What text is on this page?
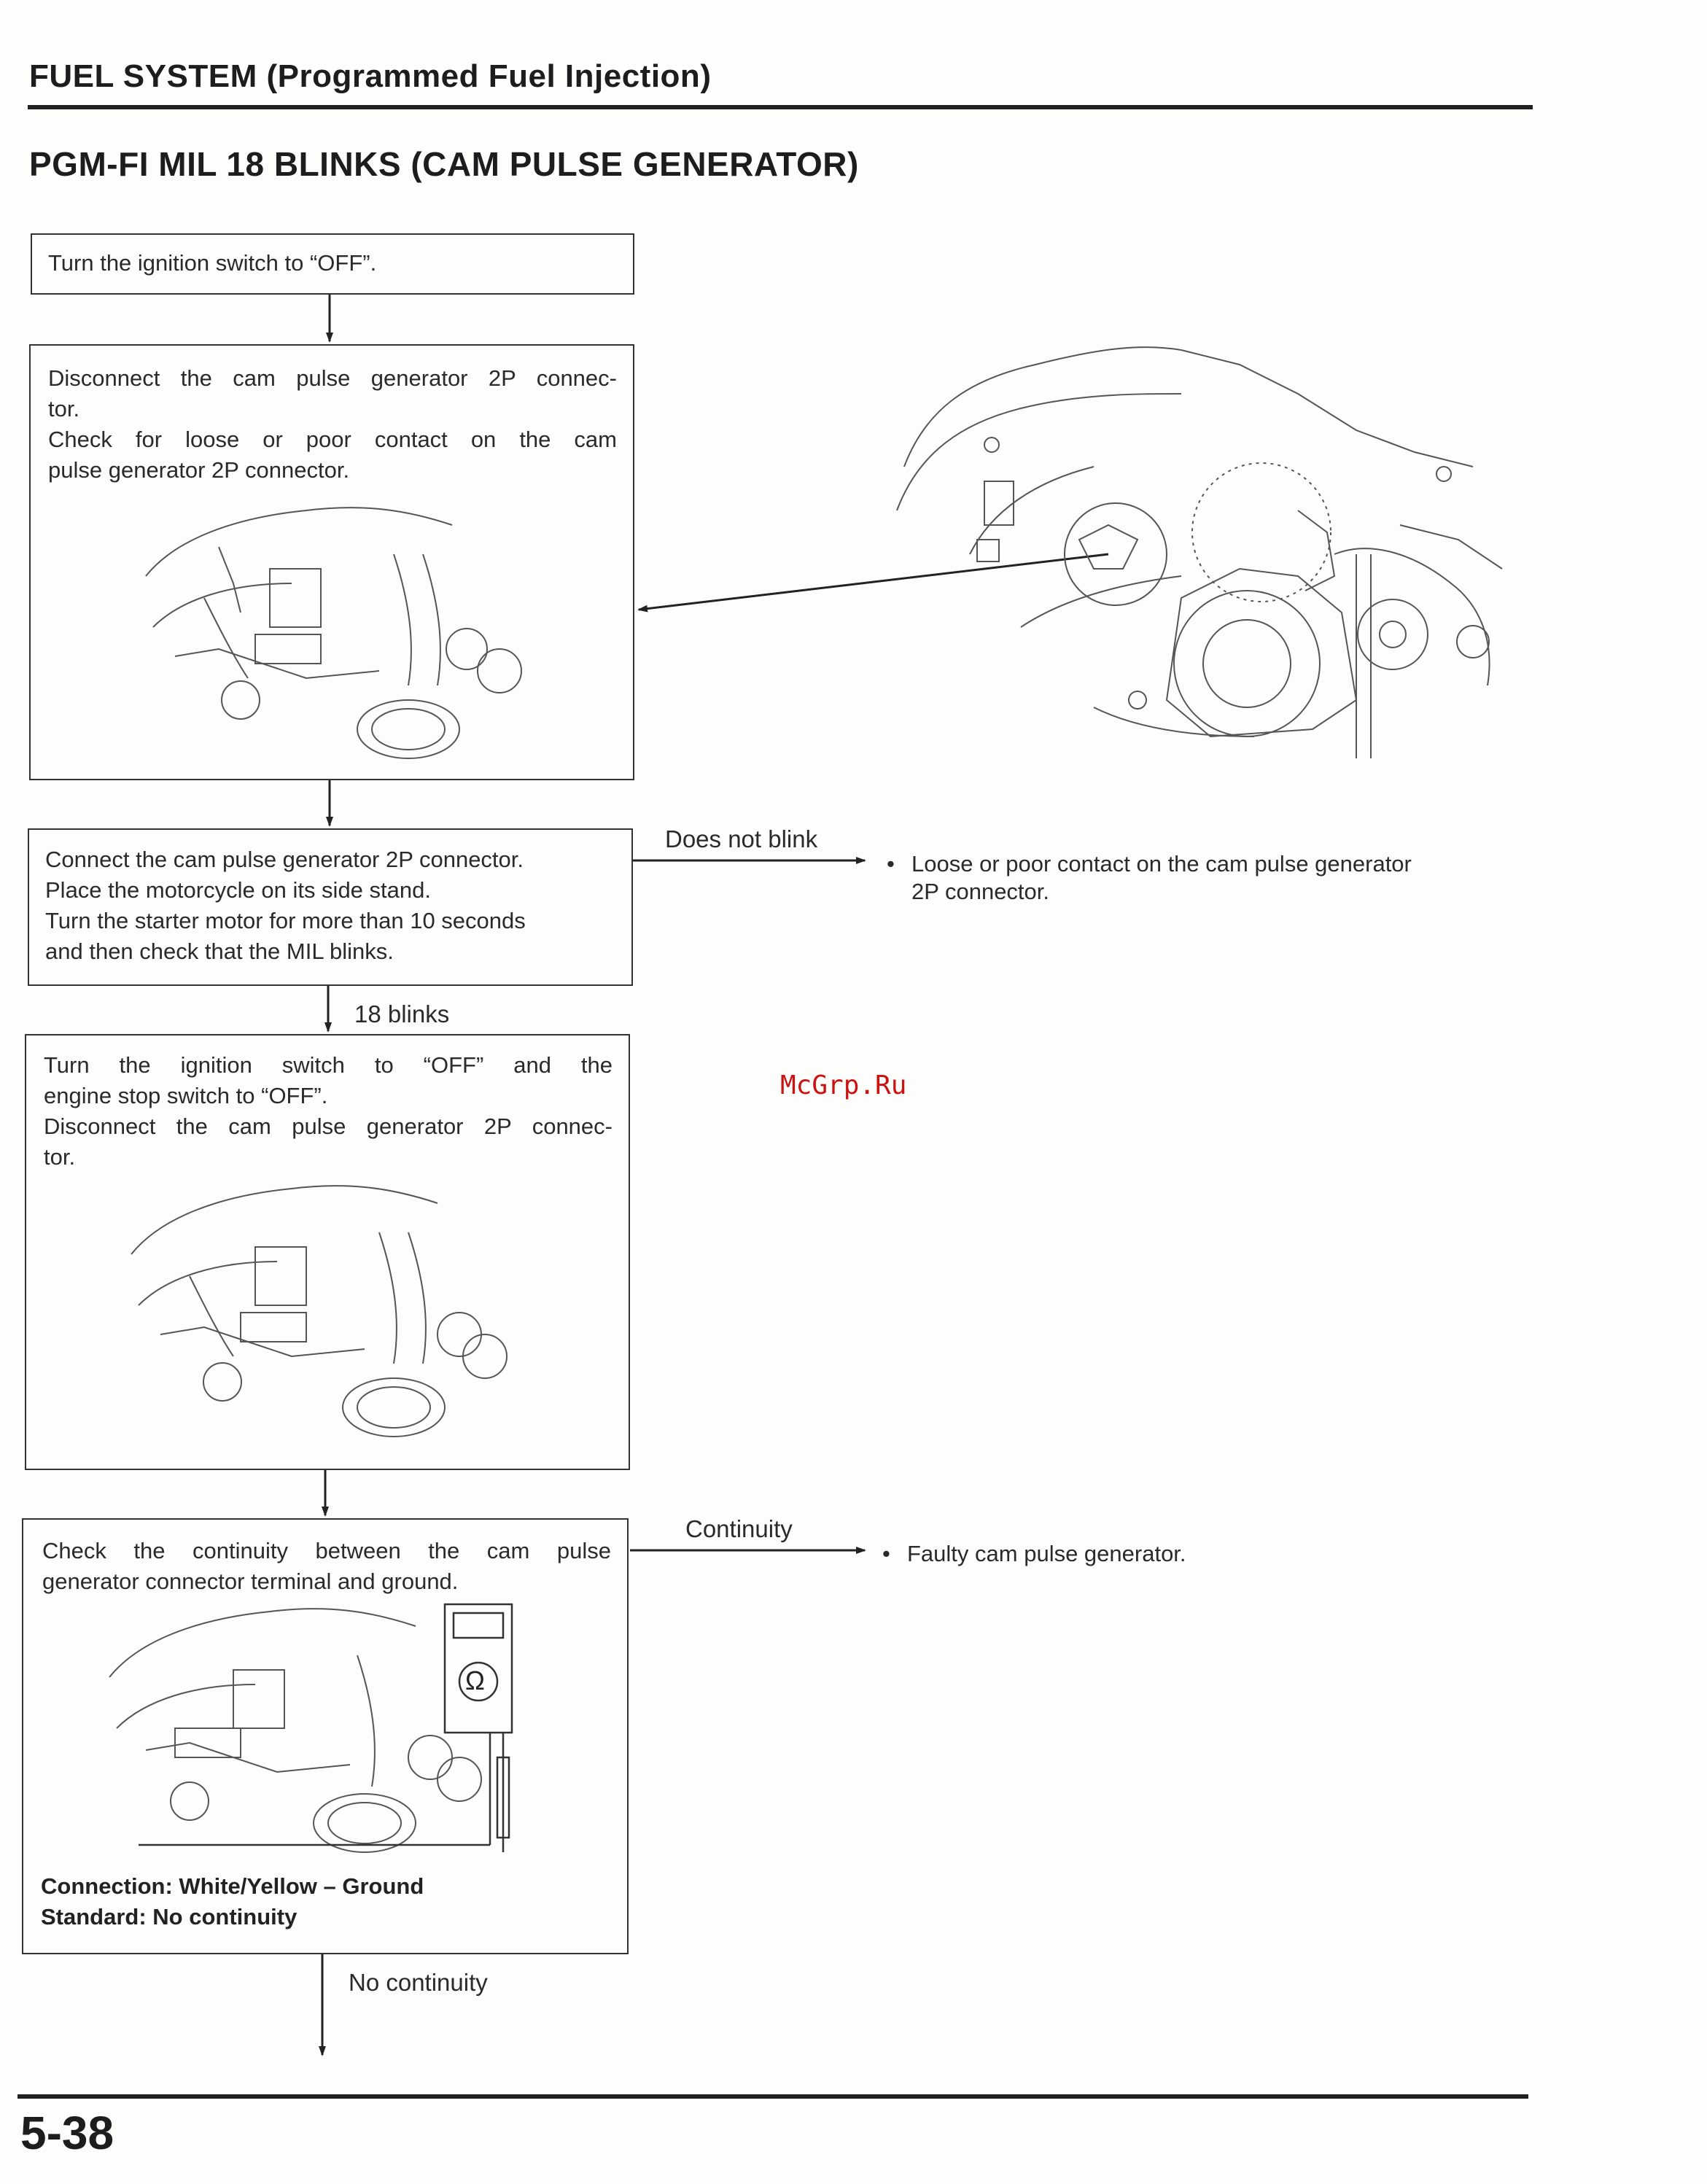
FUEL SYSTEM (Programmed Fuel Injection)
PGM-FI MIL 18 BLINKS (CAM PULSE GENERATOR)
Ω
Turn the ignition switch to “OFF”.
Disconnect the cam pulse generator 2P connec-
tor.
Check for loose or poor contact on the cam
pulse generator 2P connector.
Connect the cam pulse generator 2P connector.
Place the motorcycle on its side stand.
Turn the starter motor for more than 10 seconds
and then check that the MIL blinks.
Turn the ignition switch to “OFF” and the
engine stop switch to “OFF”.
Disconnect the cam pulse generator 2P connec-
tor.
Check the continuity between the cam pulse
generator connector terminal and ground.
Connection: White/Yellow – Ground
Standard: No continuity
Does not blink
18 blinks
Continuity
No continuity
• Loose or poor contact on the cam pulse generator
2P connector.
• Faulty cam pulse generator.
McGrp.Ru
5-38
